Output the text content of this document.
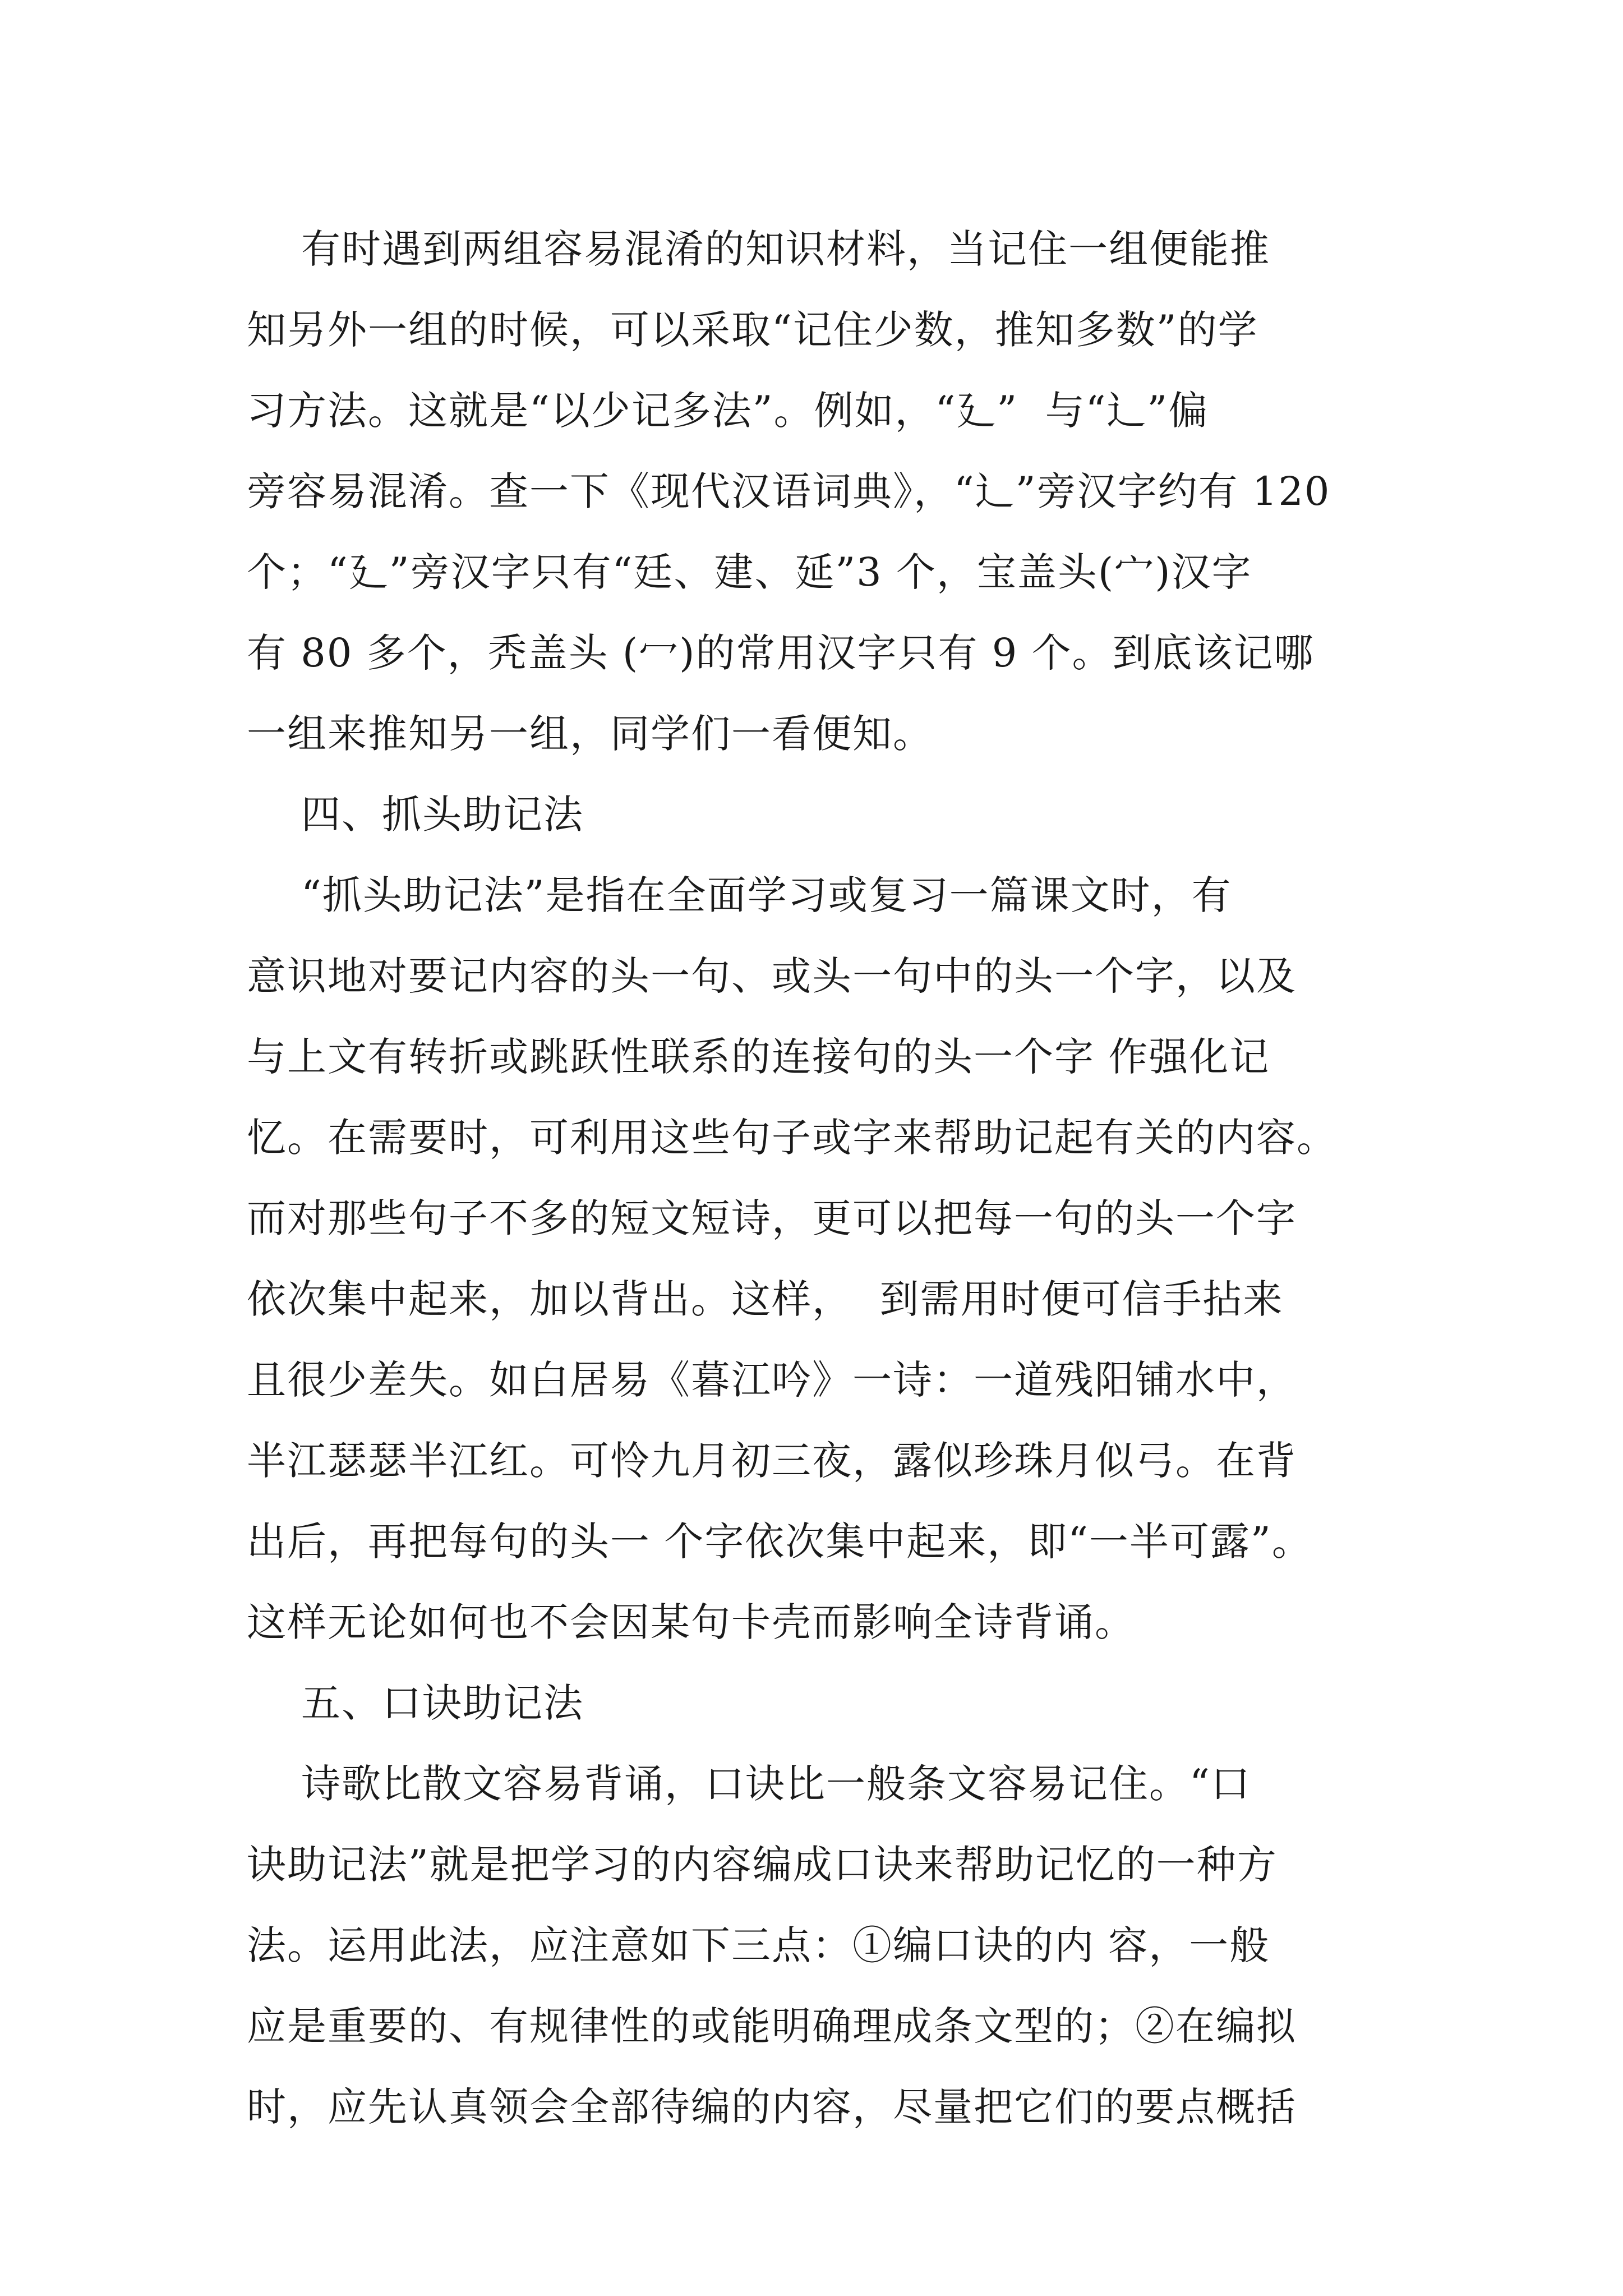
有时遇到两组容易混淆的知识材料，当记住一组便能推
知另外一组的时候，可以采取“记住少数，推知多数”的学
习方法。这就是“以少记多法”。例如，“廴”  与“辶”偏
旁容易混淆。查一下《现代汉语词典》，“辶”旁汉字约有 120
个；“廴”旁汉字只有“廷、建、延”3 个，宝盖头(宀)汉字
有 80 多个，秃盖头 (冖)的常用汉字只有 9 个。到底该记哪
一组来推知另一组，同学们一看便知。
四、抓头助记法
“抓头助记法”是指在全面学习或复习一篇课文时，有
意识地对要记内容的头一句、或头一句中的头一个字，以及
与上文有转折或跳跃性联系的连接句的头一个字 作强化记
忆。在需要时，可利用这些句子或字来帮助记起有关的内容。
而对那些句子不多的短文短诗，更可以把每一句的头一个字
依次集中起来，加以背出。这样，  到需用时便可信手拈来
且很少差失。如白居易《暮江吟》一诗：一道残阳铺水中，
半江瑟瑟半江红。可怜九月初三夜，露似珍珠月似弓。在背
出后，再把每句的头一 个字依次集中起来，即“一半可露”。
这样无论如何也不会因某句卡壳而影响全诗背诵。
五、口诀助记法
诗歌比散文容易背诵，口诀比一般条文容易记住。“口
诀助记法”就是把学习的内容编成口诀来帮助记忆的一种方
法。运用此法，应注意如下三点：①编口诀的内 容，一般
应是重要的、有规律性的或能明确理成条文型的；②在编拟
时，应先认真领会全部待编的内容，尽量把它们的要点概括
